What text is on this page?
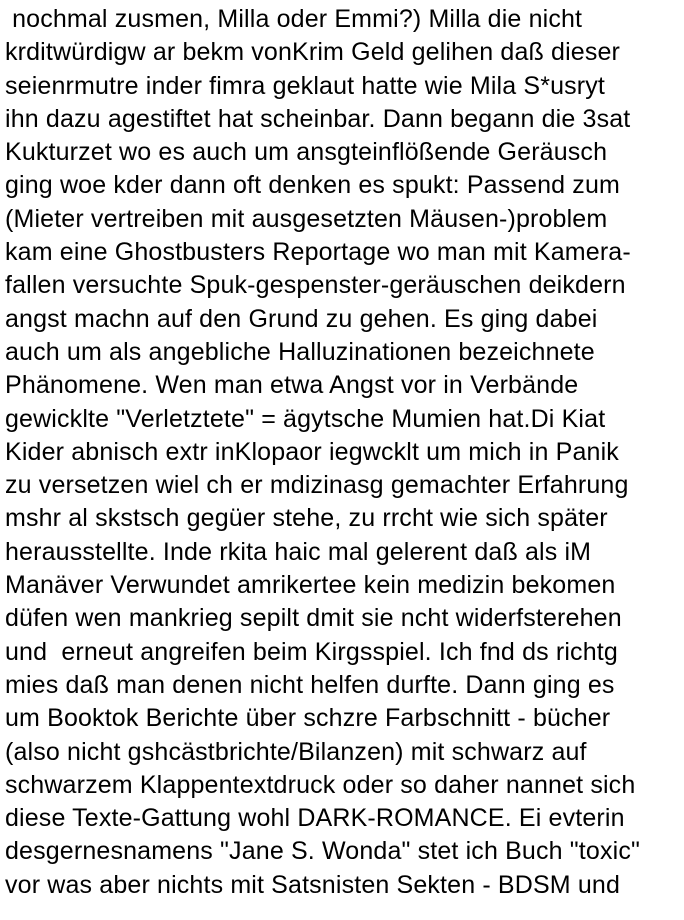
nochmal zusmen, Milla oder Emmi?) Milla die nicht
krditwürdigw ar bekm vonKrim Geld gelihen daß dieser
seienrmutre inder fimra geklaut hatte wie Mila S*usryt
ihn dazu agestiftet hat scheinbar. Dann begann die 3sat
Kukturzet wo es auch um ansgteinflößende Geräusch
ging woe kder dann oft denken es spukt: Passend zum
(Mieter vertreiben mit ausgesetzten Mäusen-)problem
kam eine Ghostbusters Reportage wo man mit Kamera-
fallen versuchte Spuk-gespenster-geräuschen deikdern
angst machn auf den Grund zu gehen. Es ging dabei
auch um als angebliche Halluzinationen bezeichnete
Phänomene. Wen man etwa Angst vor in Verbände
gewicklte "Verletztete" = ägytsche Mumien hat.Di Kiat
Kider abnisch extr inKlopaor iegwcklt um mich in Panik
zu versetzen wiel ch er mdizinasg gemachter Erfahrung
mshr al skstsch gegüer stehe, zu rrcht wie sich später
herausstellte. Inde rkita haic mal gelerent daß als iM
Manäver Verwundet amrikertee kein medizin bekomen
düfen wen mankrieg sepilt dmit sie ncht widerfsterehen
und  erneut angreifen beim Kirgsspiel. Ich fnd ds richtg
mies daß man denen nicht helfen durfte. Dann ging es
um Booktok Berichte über schzre Farbschnitt - bücher
(also nicht gshcästbrichte/Bilanzen) mit schwarz auf
schwarzem Klappentextdruck oder so daher nannet sich
diese Texte-Gattung wohl DARK-ROMANCE. Ei evterin
desgernesnamens "Jane S. Wonda" stet ich Buch "toxic"
vor was aber nichts mit Satsnisten Sekten - BDSM und
